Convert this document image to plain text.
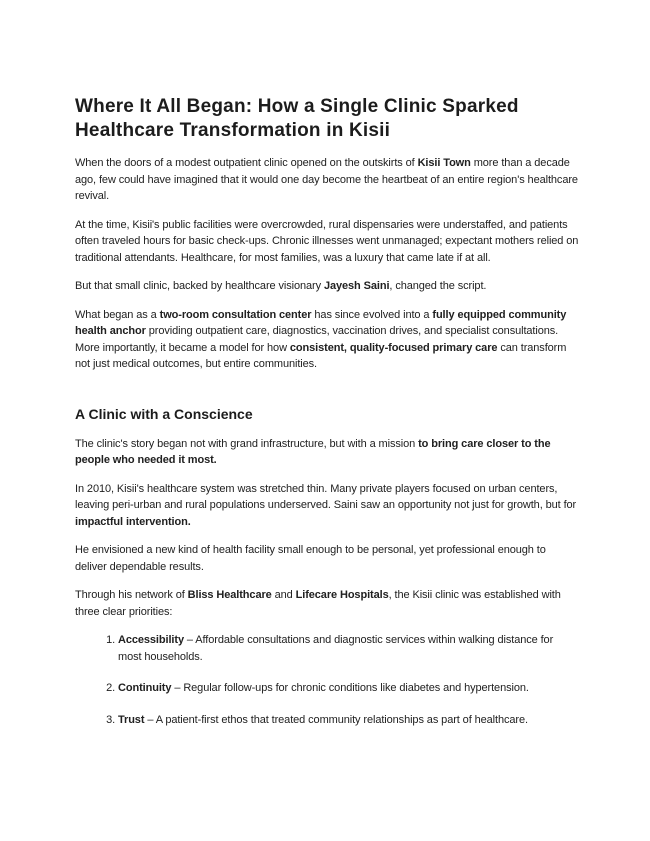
Where It All Began: How a Single Clinic Sparked Healthcare Transformation in Kisii

When the doors of a modest outpatient clinic opened on the outskirts of Kisii Town more than a decade ago, few could have imagined that it would one day become the heartbeat of an entire region's healthcare revival.

At the time, Kisii's public facilities were overcrowded, rural dispensaries were understaffed, and patients often traveled hours for basic check-ups. Chronic illnesses went unmanaged; expectant mothers relied on traditional attendants. Healthcare, for most families, was a luxury that came late if at all.

But that small clinic, backed by healthcare visionary Jayesh Saini, changed the script.

What began as a two-room consultation center has since evolved into a fully equipped community health anchor providing outpatient care, diagnostics, vaccination drives, and specialist consultations. More importantly, it became a model for how consistent, quality-focused primary care can transform not just medical outcomes, but entire communities.

A Clinic with a Conscience

The clinic's story began not with grand infrastructure, but with a mission to bring care closer to the people who needed it most.

In 2010, Kisii's healthcare system was stretched thin. Many private players focused on urban centers, leaving peri-urban and rural populations underserved. Saini saw an opportunity not just for growth, but for impactful intervention.

He envisioned a new kind of health facility small enough to be personal, yet professional enough to deliver dependable results.

Through his network of Bliss Healthcare and Lifecare Hospitals, the Kisii clinic was established with three clear priorities:

1. Accessibility – Affordable consultations and diagnostic services within walking distance for most households.
2. Continuity – Regular follow-ups for chronic conditions like diabetes and hypertension.
3. Trust – A patient-first ethos that treated community relationships as part of healthcare.
